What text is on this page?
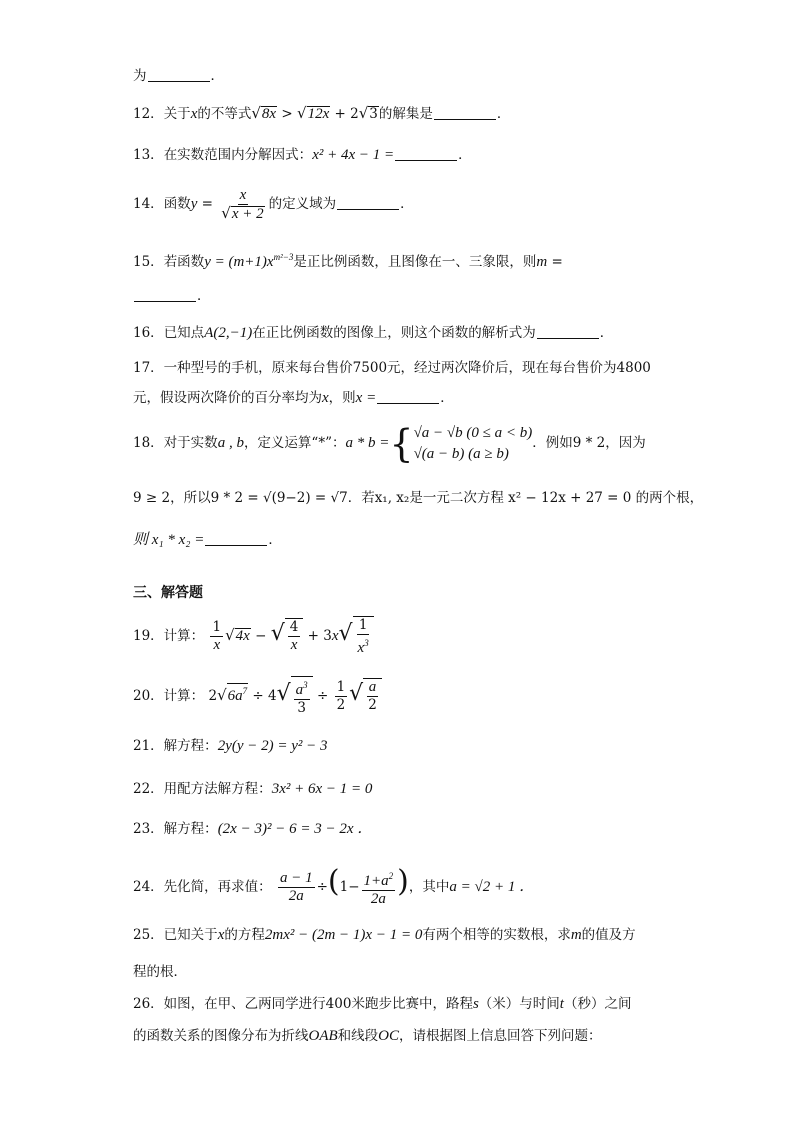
为	．
12．关于x的不等式√8x > √12x + 2√3的解集是	．
13．在实数范围内分解因式：x² + 4x − 1 =	．
14．函数$y = \frac{x}{√x + 2}$ 的定义域为	．
15．若函数$y = (m+1)x^{m^2-3}$是正比例函数，且图像在一、三象限，则m =
．
16．已知点A(2,−1)在正比例函数的图像上，则这个函数的解析式为	．
17．一种型号的手机，原来每台售价7500元，经过两次降价后，现在每台售价为4800
元，假设两次降价的百分率均为x，则x =	．
18．对于实数a , b，定义运算“*”：a * b ={ √a − √b (0 ≤ a < b)
√(a − b) (a ≥ b)
．例如9 * 2，因为
9 ≥ 2，所以9 * 2 = √(9−2) = √7．若x₁, x₂是一元二次方程 x² − 12x + 27 = 0 的两个根，
则 x₁ * x₂ =	．
三、解答题
19．计算： $\frac{1}{x} √4x$ − √ $\frac{4}{x} + 3x√ \frac{1}{x^3}$
20．计算： $2√6a^7 \div 4√ \frac{a^3}{3} \div \frac{1}{2}$ √ $\frac{a}{2}$
21．解方程：2y(y − 2) = y² − 3
22．用配方法解方程：3x² + 6x − 1 = 0
23．解方程：(2x − 3)² − 6 = 3 − 2x ．
24．先化简，再求值： $\frac{a - 1}{2a} \div(1- \frac{1+a^2}{2a}$ )，其中a = √2 + 1 ．
25．已知关于x的方程2mx² − (2m − 1)x − 1 = 0有两个相等的实数根，求m的值及方
程的根．
26．如图，在甲、乙两同学进行400米跑步比赛中，路程s（米）与时间t（秒）之间
的函数关系的图像分布为折线OAB和线段OC，请根据图上信息回答下列问题：
